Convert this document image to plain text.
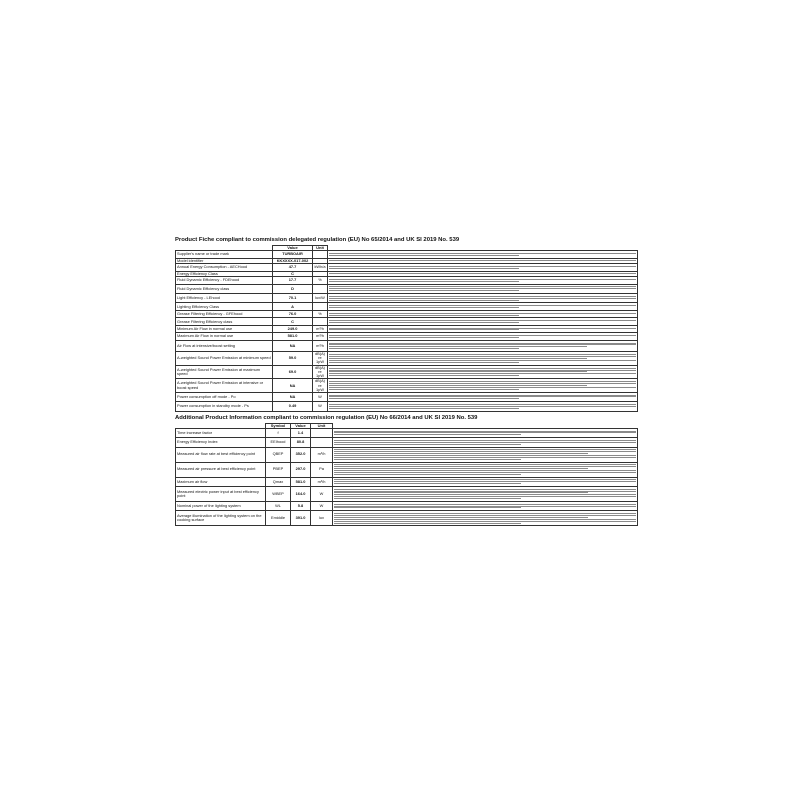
Product Fiche compliant to commission delegated regulation (EU) No 65/2014 and UK SI 2019 No. 539
	Value	Unit	
Supplier's name or trade mark	TURBOAIR		

Model identifier	KKXXXX-017-002		

Annual Energy Consumption - AECHood	47.7	kWh/a	

Energy Efficiency Class	C		

Fluid Dynamic Efficiency - FDEhood	17.7	%	

Fluid Dynamic Efficiency class	D		

Light Efficiency - LEhood	70.1	lux/W	

Lighting Efficiency Class	A		

Grease Filtering Efficiency - GFEhood	76.0	%	

Grease Filtering Efficiency class	C		

Minimum Air Flow in normal use	249.0	m³/h	

Maximum Air Flow in normal use	581.0	m³/h	

Air Flow at intensive/boost setting	NA	m³/h	

A-weighted Sound Power Emission at minimum speed	59.0	dB(A) re 1pW	

A-weighted Sound Power Emission at maximum speed	69.0	dB(A) re 1pW	

A-weighted Sound Power Emission at intensive or boost speed	NA	dB(A) re 1pW	

Power consumption off mode - Po	NA	W	

Power consumption in standby mode - Ps	0.49	W	
Additional Product Information compliant to commission regulation (EU) No 66/2014 and UK SI 2019 No. 539
	Symbol	Value	Unit	
Time increase factor	f	1.4		

Energy Efficiency Index	EEIhood	80.8		

Measured air flow rate at best efficiency point	QBEP	352.0	m³/h	

Measured air pressure at best efficiency point	PBEP	297.0	Pa	

Maximum air flow	Qmax	581.0	m³/h	

Measured electric power input at best efficiency point	WBEP	164.0	W	

Nominal power of the lighting system	WL	5.8	W	

Average illumination of the lighting system on the cooking surface	Emiddle	391.0	lux	
